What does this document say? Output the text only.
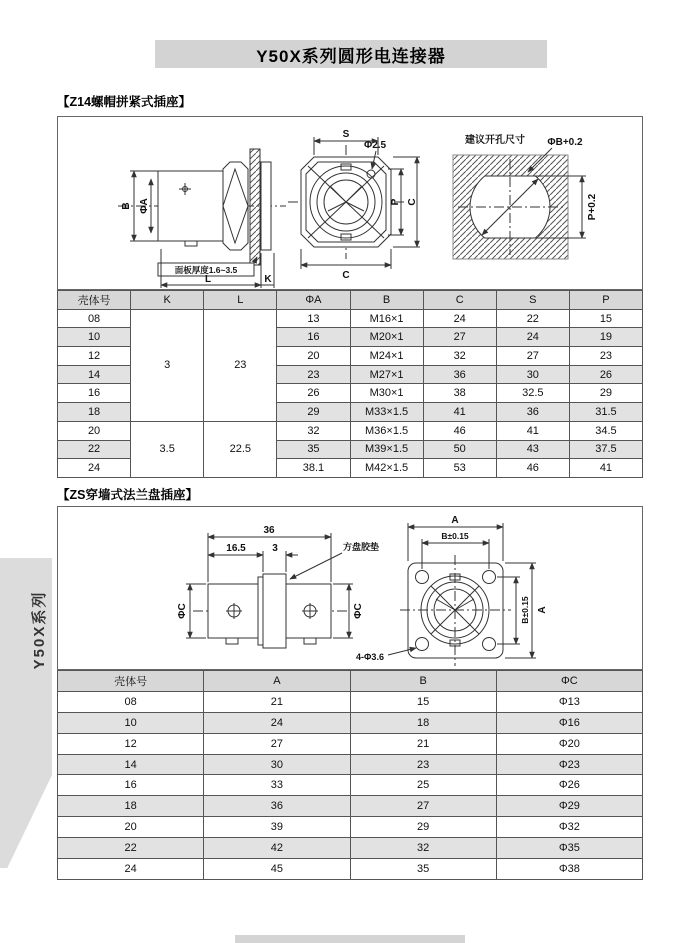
Y50X系列圆形电连接器
【Z14螺帽拼紧式插座】
B ΦA
面板厚度1.6~3.5
L	K
Φ2.5
S
C
P C
建议开孔尺寸 ΦB+0.2
P+0.2
壳体号	K	L	ΦA	B	C	S	P
08	3	23	13	M16×1	24	22	15
10			16	M20×1	27	24	19
12			20	M24×1	32	27	23
14			23	M27×1	36	30	26
16			26	M30×1	38	32.5	29
18			29	M33×1.5	41	36	31.5
20	3.5	22.5	32	M36×1.5	46	41	34.5
22			35	M39×1.5	50	43	37.5
24			38.1	M42×1.5	53	46	41
【ZS穿墙式法兰盘插座】
36
16.5	3	方盘胶垫
ΦC	ΦC
A
B±0.15
B±0.15 A
4-Φ3.6
壳体号	A	B	ΦC
08	21	15	Φ13
10	24	18	Φ16
12	27	21	Φ20
14	30	23	Φ23
16	33	25	Φ26
18	36	27	Φ29
20	39	29	Φ32
22	42	32	Φ35
24	45	35	Φ38
Y50X系列
